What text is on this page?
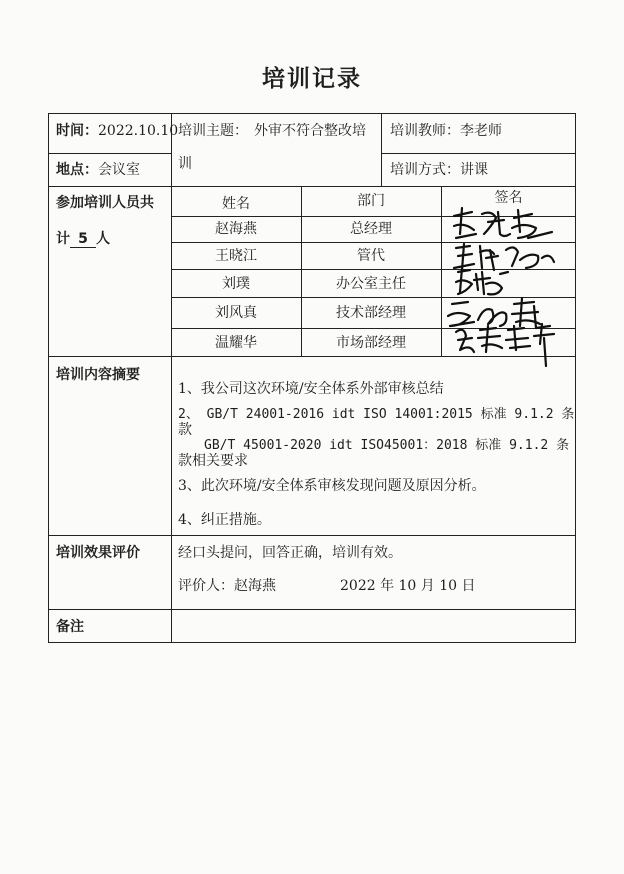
培训记录
时间：2022.10.10
地点：会议室
培训主题： 外审不符合整改培
训
培训教师：李老师
培训方式：讲课
参加培训人员共
计 5 人
姓名	部门	签名
赵海燕	总经理
王晓江	管代
刘璞	办公室主任
刘风真	技术部经理
温耀华	市场部经理
培训内容摘要
1、我公司这次环境/安全体系外部审核总结
2、 GB/T 24001-2016 idt ISO 14001:2015 标准 9.1.2 条
款
GB/T 45001-2020 idt ISO45001：2018 标准 9.1.2 条
款相关要求
3、此次环境/安全体系审核发现问题及原因分析。
4、纠正措施。
培训效果评价	经口头提问，回答正确，培训有效。
评价人：赵海燕	2022 年 10 月 10 日
备注
